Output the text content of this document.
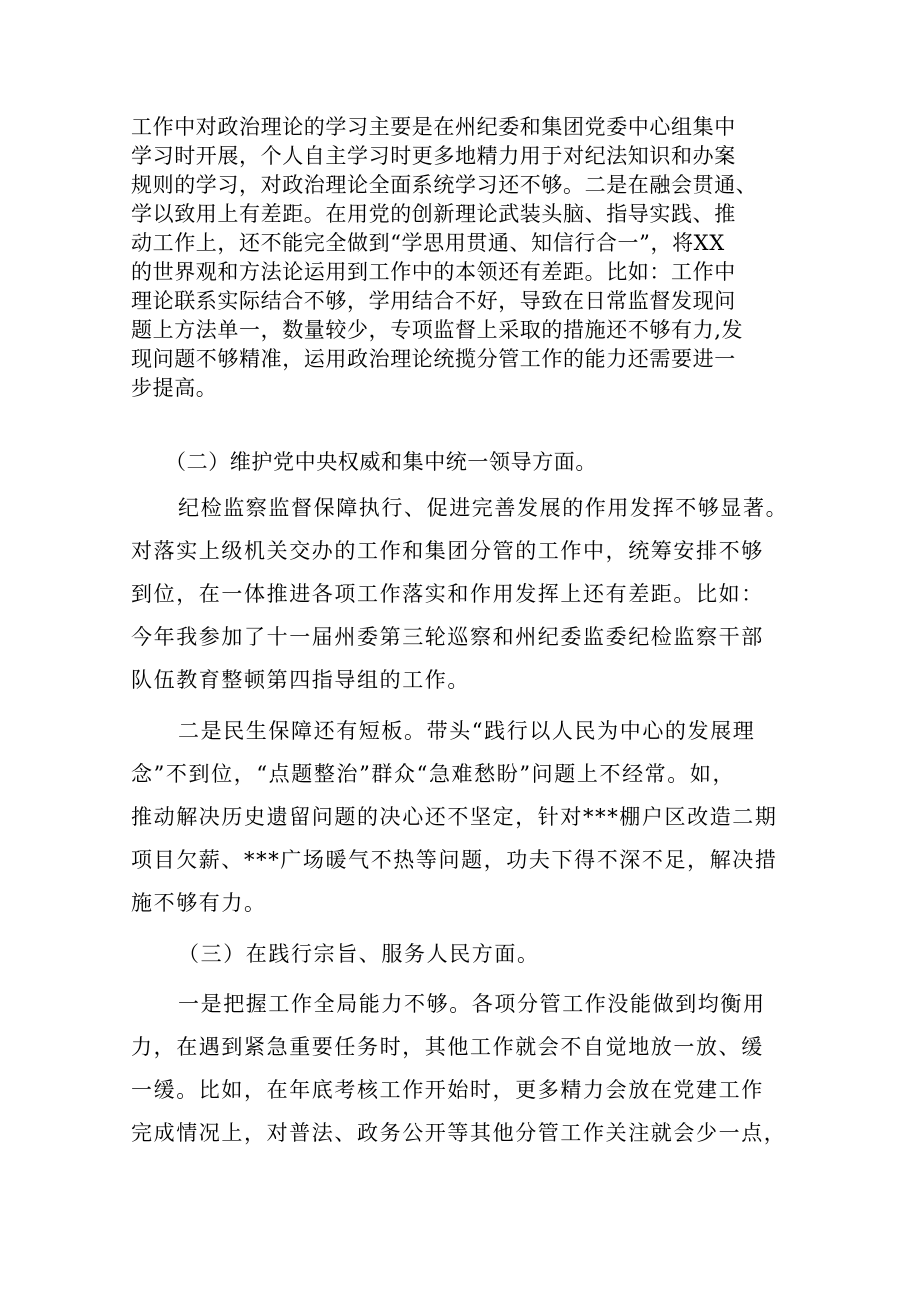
工作中对政治理论的学习主要是在州纪委和集团党委中心组集中
学习时开展，个人自主学习时更多地精力用于对纪法知识和办案
规则的学习，对政治理论全面系统学习还不够。二是在融会贯通、
学以致用上有差距。在用党的创新理论武装头脑、指导实践、推
动工作上，还不能完全做到“学思用贯通、知信行合一”，将XX
的世界观和方法论运用到工作中的本领还有差距。比如：工作中
理论联系实际结合不够，学用结合不好，导致在日常监督发现问
题上方法单一，数量较少，专项监督上采取的措施还不够有力,发
现问题不够精准，运用政治理论统揽分管工作的能力还需要进一
步提高。
（二）维护党中央权威和集中统一领导方面。
纪检监察监督保障执行、促进完善发展的作用发挥不够显著。
对落实上级机关交办的工作和集团分管的工作中，统筹安排不够
到位，在一体推进各项工作落实和作用发挥上还有差距。比如：
今年我参加了十一届州委第三轮巡察和州纪委监委纪检监察干部
队伍教育整顿第四指导组的工作。
二是民生保障还有短板。带头“践行以人民为中心的发展理
念”不到位，“点题整治”群众“急难愁盼”问题上不经常。如，
推动解决历史遗留问题的决心还不坚定，针对***棚户区改造二期
项目欠薪、***广场暖气不热等问题，功夫下得不深不足，解决措
施不够有力。
（三）在践行宗旨、服务人民方面。
一是把握工作全局能力不够。各项分管工作没能做到均衡用
力，在遇到紧急重要任务时，其他工作就会不自觉地放一放、缓
一缓。比如，在年底考核工作开始时，更多精力会放在党建工作
完成情况上，对普法、政务公开等其他分管工作关注就会少一点，
